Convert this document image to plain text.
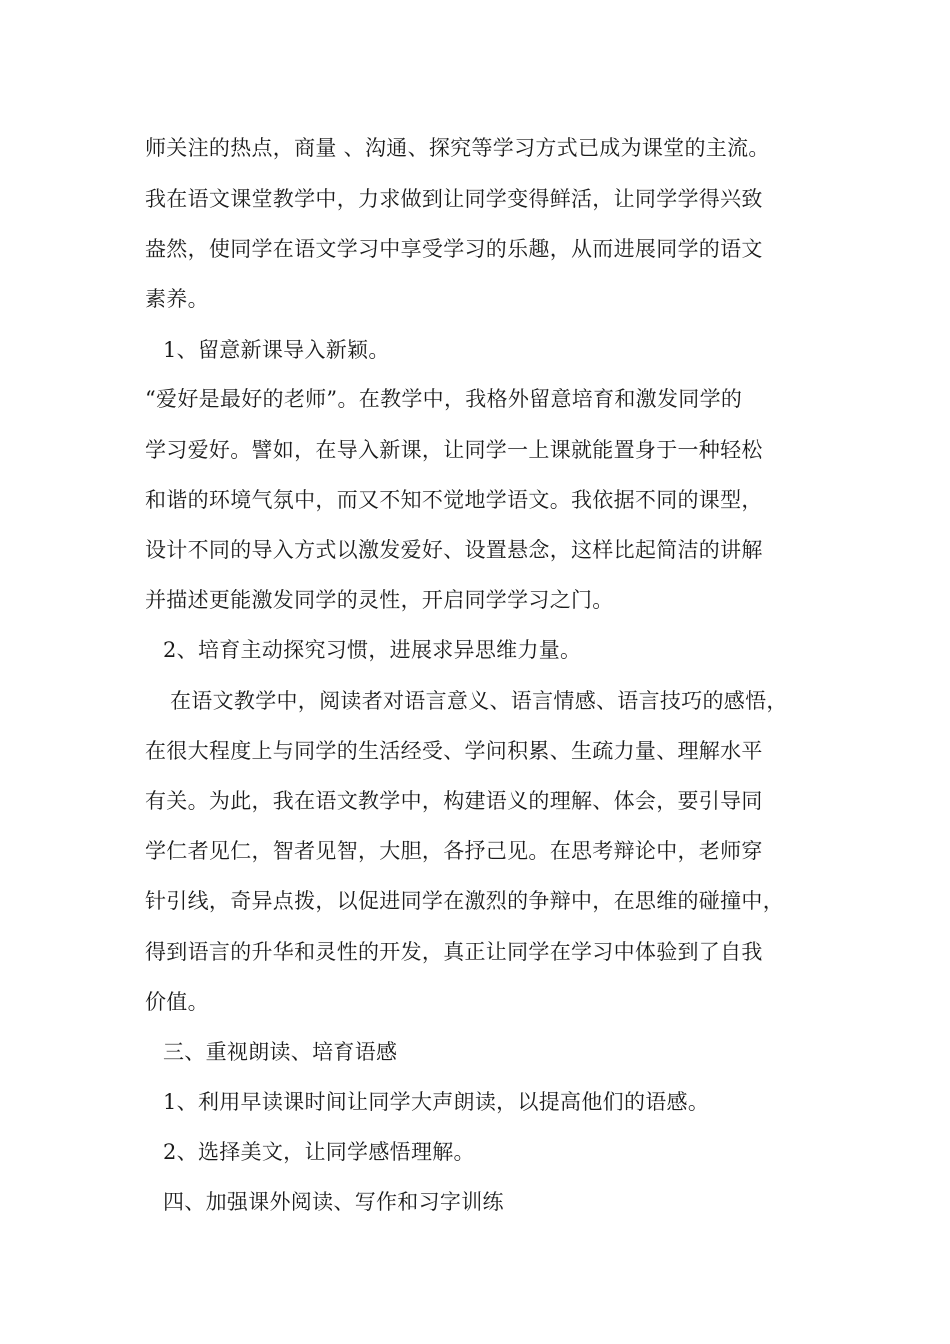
师关注的热点，商量 、沟通、探究等学习方式已成为课堂的主流。
我在语文课堂教学中，力求做到让同学变得鲜活，让同学学得兴致
盎然，使同学在语文学习中享受学习的乐趣，从而进展同学的语文
素养。
1、留意新课导入新颖。
“爱好是最好的老师”。在教学中，我格外留意培育和激发同学的
学习爱好。譬如，在导入新课，让同学一上课就能置身于一种轻松
和谐的环境气氛中，而又不知不觉地学语文。我依据不同的课型，
设计不同的导入方式以激发爱好、设置悬念，这样比起简洁的讲解
并描述更能激发同学的灵性，开启同学学习之门。
2、培育主动探究习惯，进展求异思维力量。
在语文教学中，阅读者对语言意义、语言情感、语言技巧的感悟，
在很大程度上与同学的生活经受、学问积累、生疏力量、理解水平
有关。为此，我在语文教学中，构建语义的理解、体会，要引导同
学仁者见仁，智者见智，大胆，各抒己见。在思考辩论中，老师穿
针引线，奇异点拨，以促进同学在激烈的争辩中，在思维的碰撞中，
得到语言的升华和灵性的开发，真正让同学在学习中体验到了自我
价值。
三、重视朗读、培育语感
1、利用早读课时间让同学大声朗读，以提高他们的语感。
2、选择美文，让同学感悟理解。
四、加强课外阅读、写作和习字训练
